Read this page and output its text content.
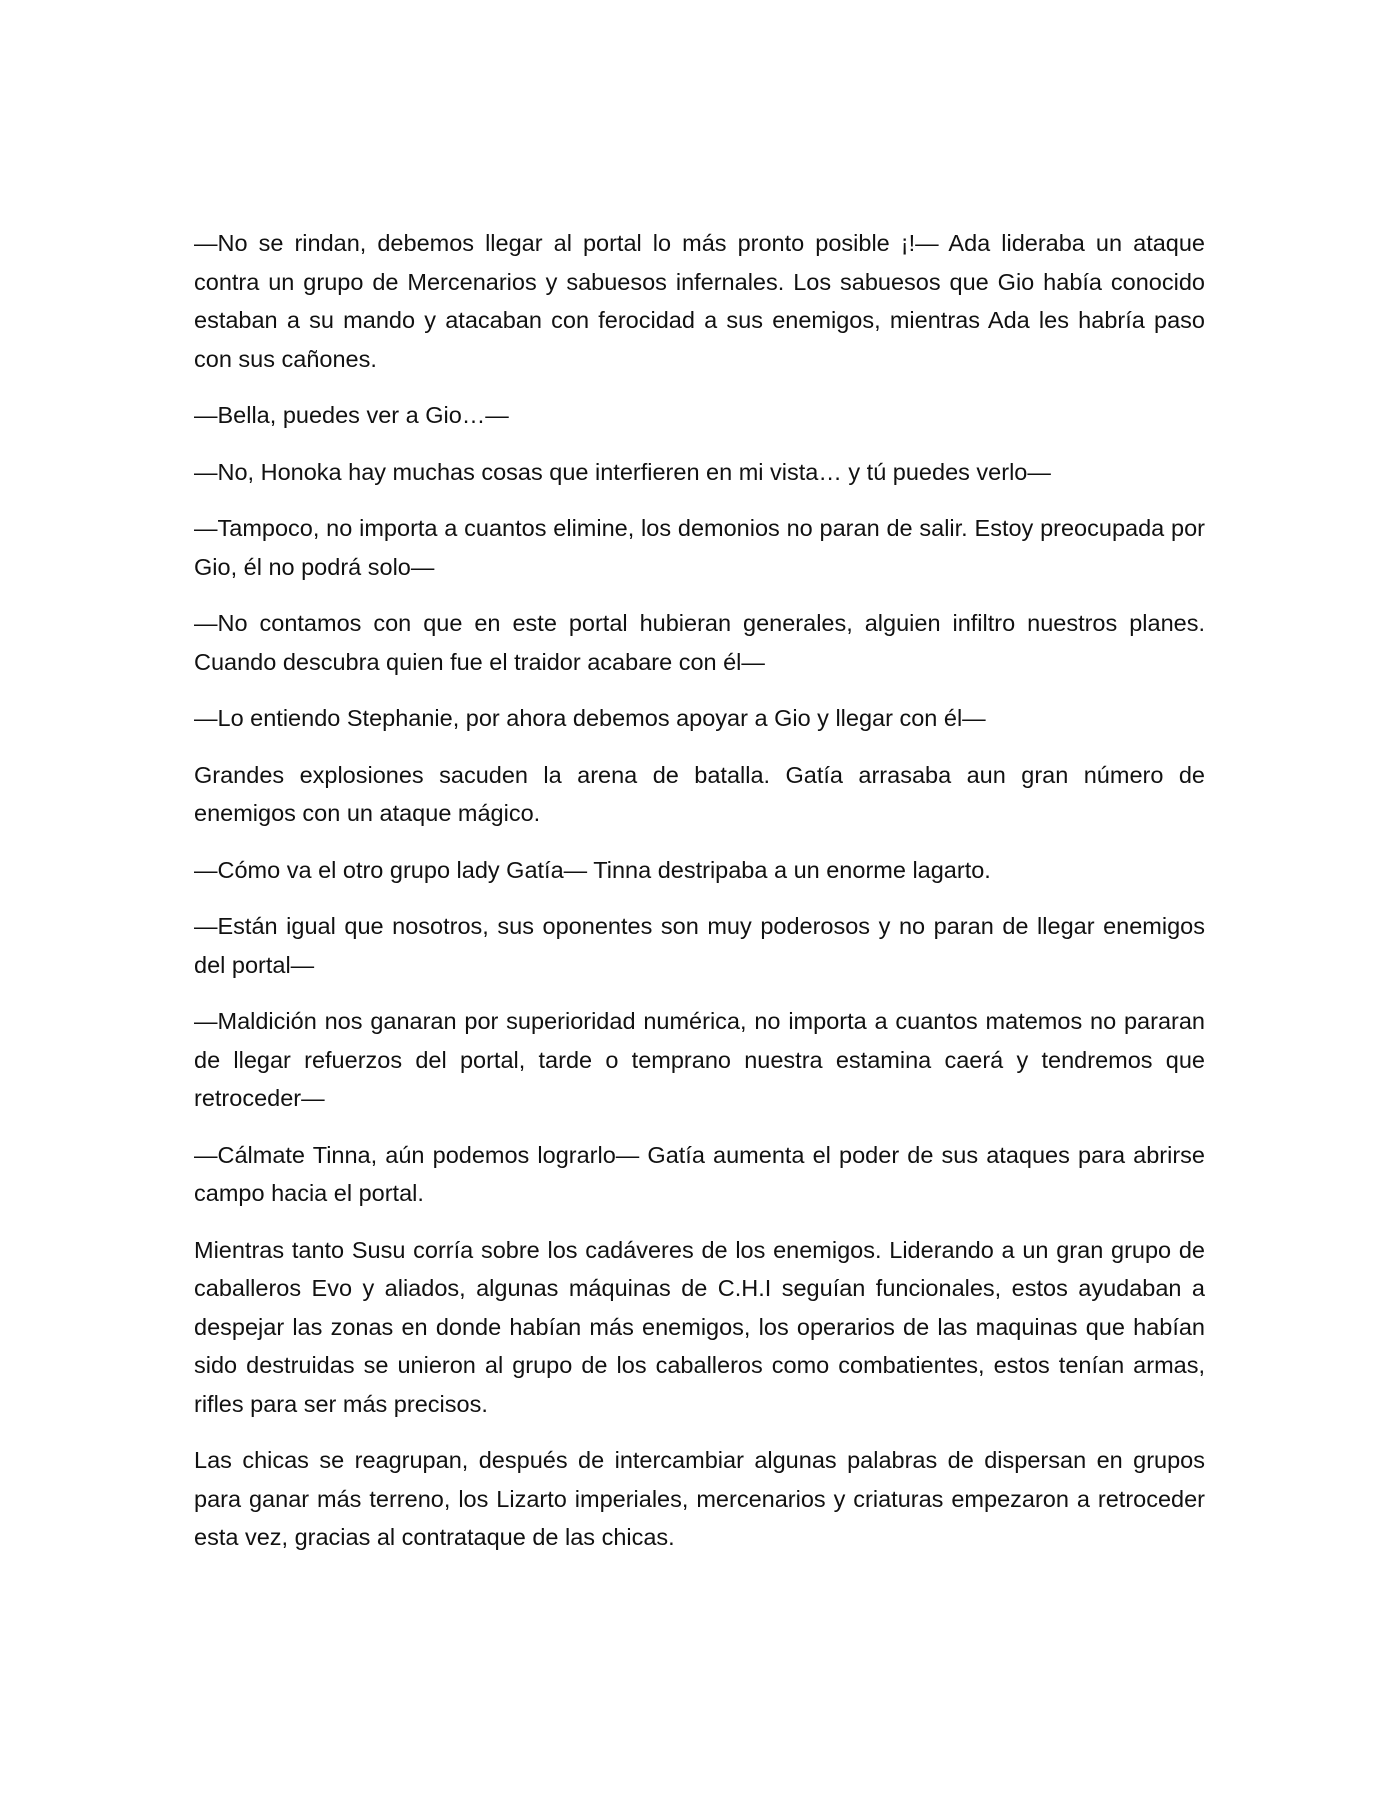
—No se rindan, debemos llegar al portal lo más pronto posible ¡!— Ada lideraba un ataque contra un grupo de Mercenarios y sabuesos infernales. Los sabuesos que Gio había conocido estaban a su mando y atacaban con ferocidad a sus enemigos, mientras Ada les habría paso con sus cañones.

—Bella, puedes ver a Gio…—

—No, Honoka hay muchas cosas que interfieren en mi vista… y tú puedes verlo—

—Tampoco, no importa a cuantos elimine, los demonios no paran de salir. Estoy preocupada por Gio, él no podrá solo—

—No contamos con que en este portal hubieran generales, alguien infiltro nuestros planes. Cuando descubra quien fue el traidor acabare con él—

—Lo entiendo Stephanie, por ahora debemos apoyar a Gio y llegar con él—

Grandes explosiones sacuden la arena de batalla. Gatía arrasaba aun gran número de enemigos con un ataque mágico.

—Cómo va el otro grupo lady Gatía— Tinna destripaba a un enorme lagarto.

—Están igual que nosotros, sus oponentes son muy poderosos y no paran de llegar enemigos del portal—

—Maldición nos ganaran por superioridad numérica, no importa a cuantos matemos no pararan de llegar refuerzos del portal, tarde o temprano nuestra estamina caerá y tendremos que retroceder—

—Cálmate Tinna, aún podemos lograrlo— Gatía aumenta el poder de sus ataques para abrirse campo hacia el portal.

Mientras tanto Susu corría sobre los cadáveres de los enemigos. Liderando a un gran grupo de caballeros Evo y aliados, algunas máquinas de C.H.I seguían funcionales, estos ayudaban a despejar las zonas en donde habían más enemigos, los operarios de las maquinas que habían sido destruidas se unieron al grupo de los caballeros como combatientes, estos tenían armas, rifles para ser más precisos.

Las chicas se reagrupan, después de intercambiar algunas palabras de dispersan en grupos para ganar más terreno, los Lizarto imperiales, mercenarios y criaturas empezaron a retroceder esta vez, gracias al contrataque de las chicas.
